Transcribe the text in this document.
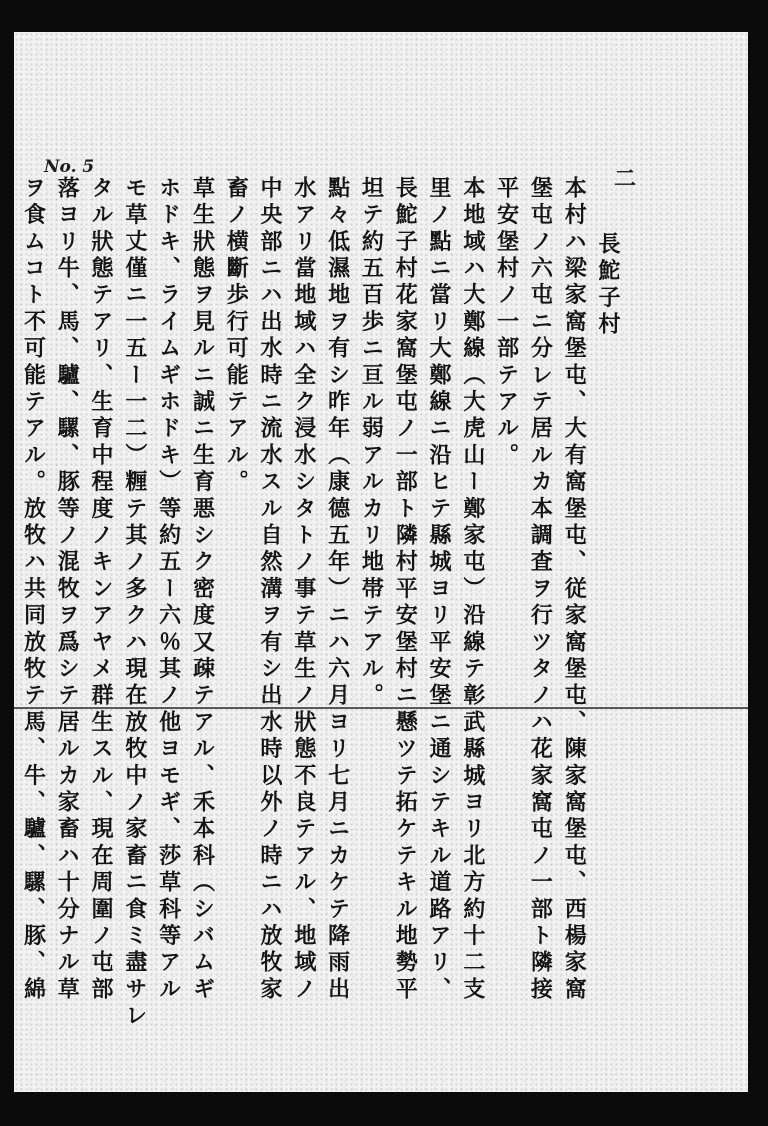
No. 5	二
長鮀子村
本村ハ梁家窩堡屯、大有窩堡屯、従家窩堡屯、陳家窩堡屯、西楊家窩
堡屯ノ六屯ニ分レテ居ルカ本調査ヲ行ツタノハ花家窩屯ノ一部ト隣接
平安堡村ノ一部テアル。
本地域ハ大鄭線（大虎山ー鄭家屯）沿線テ彰武縣城ヨリ北方約十二支
里ノ點ニ當リ大鄭線ニ沿ヒテ縣城ヨリ平安堡ニ通シテキル道路アリ、
長鮀子村花家窩堡屯ノ一部ト隣村平安堡村ニ懸ツテ拓ケテキル地勢平
坦テ約五百歩ニ亘ル弱アルカリ地帯テアル。
點々低濕地ヲ有シ昨年（康德五年）ニハ六月ヨリ七月ニカケテ降雨出
水アリ當地域ハ全ク浸水シタトノ事テ草生ノ狀態不良テアル、地域ノ
中央部ニハ出水時ニ流水スル自然溝ヲ有シ出水時以外ノ時ニハ放牧家
畜ノ横斷歩行可能テアル。
草生狀態ヲ見ルニ誠ニ生育悪シク密度又疎テアル、禾本科（シバムギ
ホドキ、ライムギホドキ）等約五ー六％其ノ他ヨモギ、莎草科等アル
モ草丈僅ニ一五ー一二）糎テ其ノ多クハ現在放牧中ノ家畜ニ食ミ盡サレ
タル狀態テアリ、生育中程度ノキンアヤメ群生スル、現在周圍ノ屯部
落ヨリ牛、馬、驢、騾、豚等ノ混牧ヲ爲シテ居ルカ家畜ハ十分ナル草
ヲ食ムコト不可能テアル。放牧ハ共同放牧テ馬、牛、驢、騾、豚、綿
